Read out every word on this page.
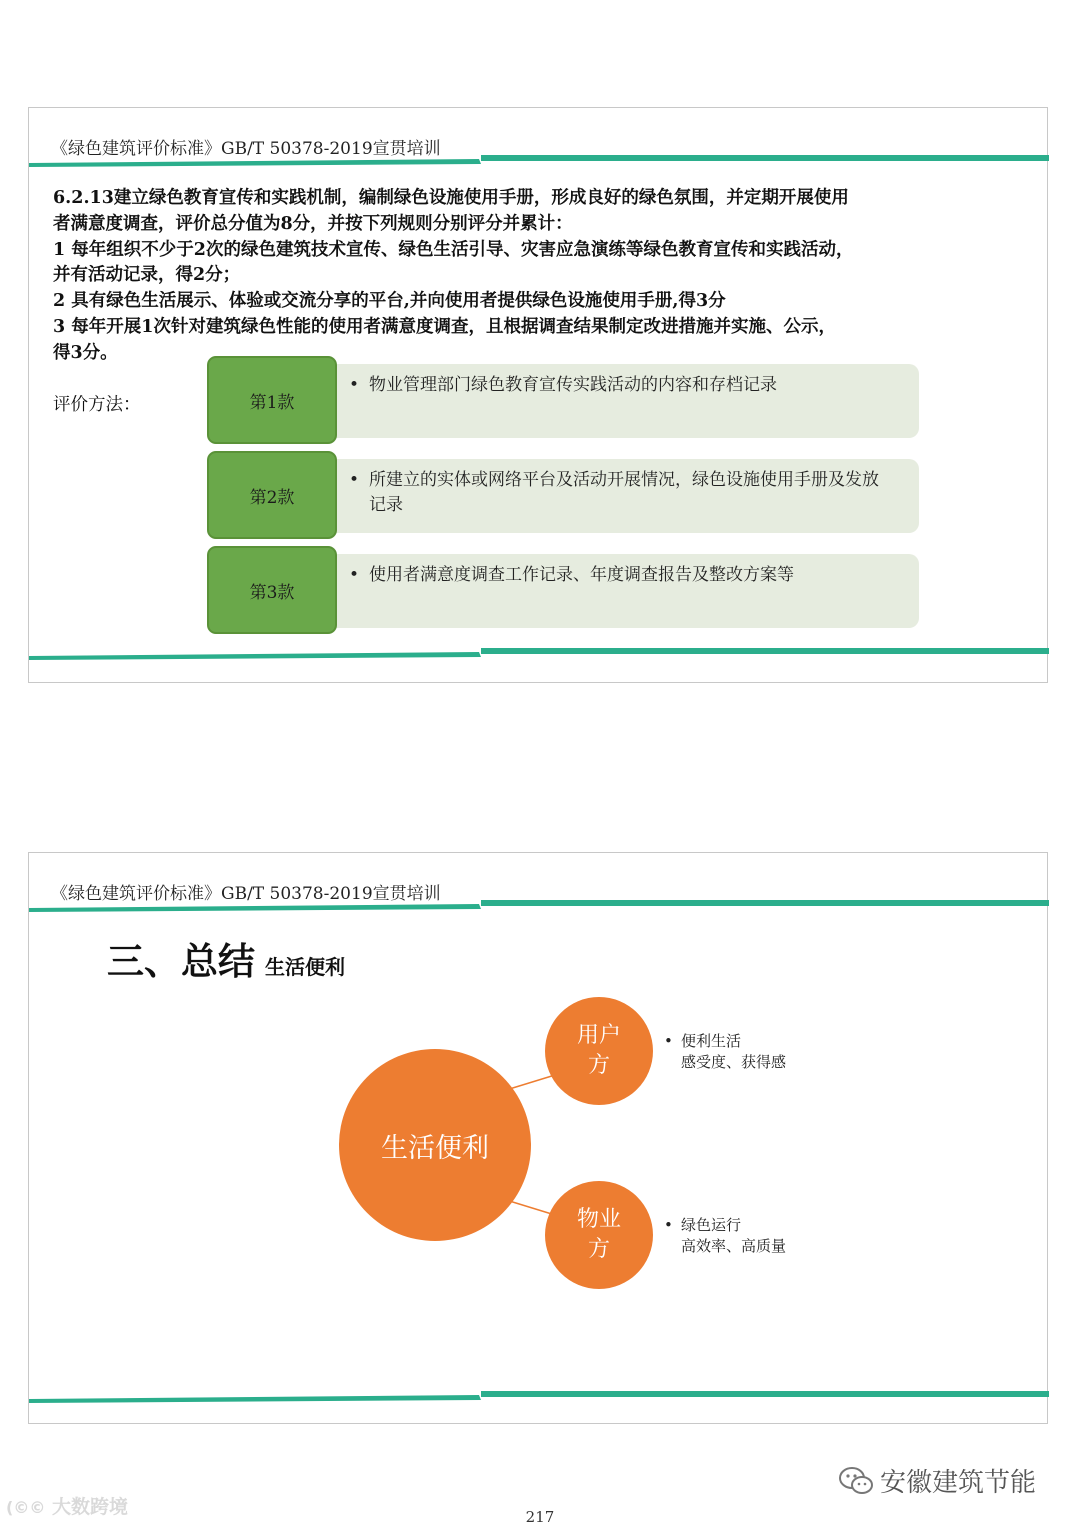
《绿色建筑评价标准》GB/T 50378-2019宣贯培训

6.2.13建立绿色教育宣传和实践机制，编制绿色设施使用手册，形成良好的绿色氛围，并定期开展使用

者满意度调查，评价总分值为8分，并按下列规则分别评分并累计：

1 每年组织不少于2次的绿色建筑技术宣传、绿色生活引导、灾害应急演练等绿色教育宣传和实践活动，

并有活动记录，得2分；

2 具有绿色生活展示、体验或交流分享的平台,并向使用者提供绿色设施使用手册,得3分

3 每年开展1次针对建筑绿色性能的使用者满意度调查，且根据调查结果制定改进措施并实施、公示，

得3分。

评价方法：
• 物业管理部门绿色教育宣传实践活动的内容和存档记录
第1款
• 所建立的实体或网络平台及活动开展情况，绿色设施使用手册及发放记录
第2款
• 使用者满意度调查工作记录、年度调查报告及整改方案等
第3款
《绿色建筑评价标准》GB/T 50378-2019宣贯培训
三、总结 生活便利
生活便利
用户方
物业方
• 便利生活
感受度、获得感
• 绿色运行
高效率、高质量
(©© 大数跨境
安徽建筑节能
217
